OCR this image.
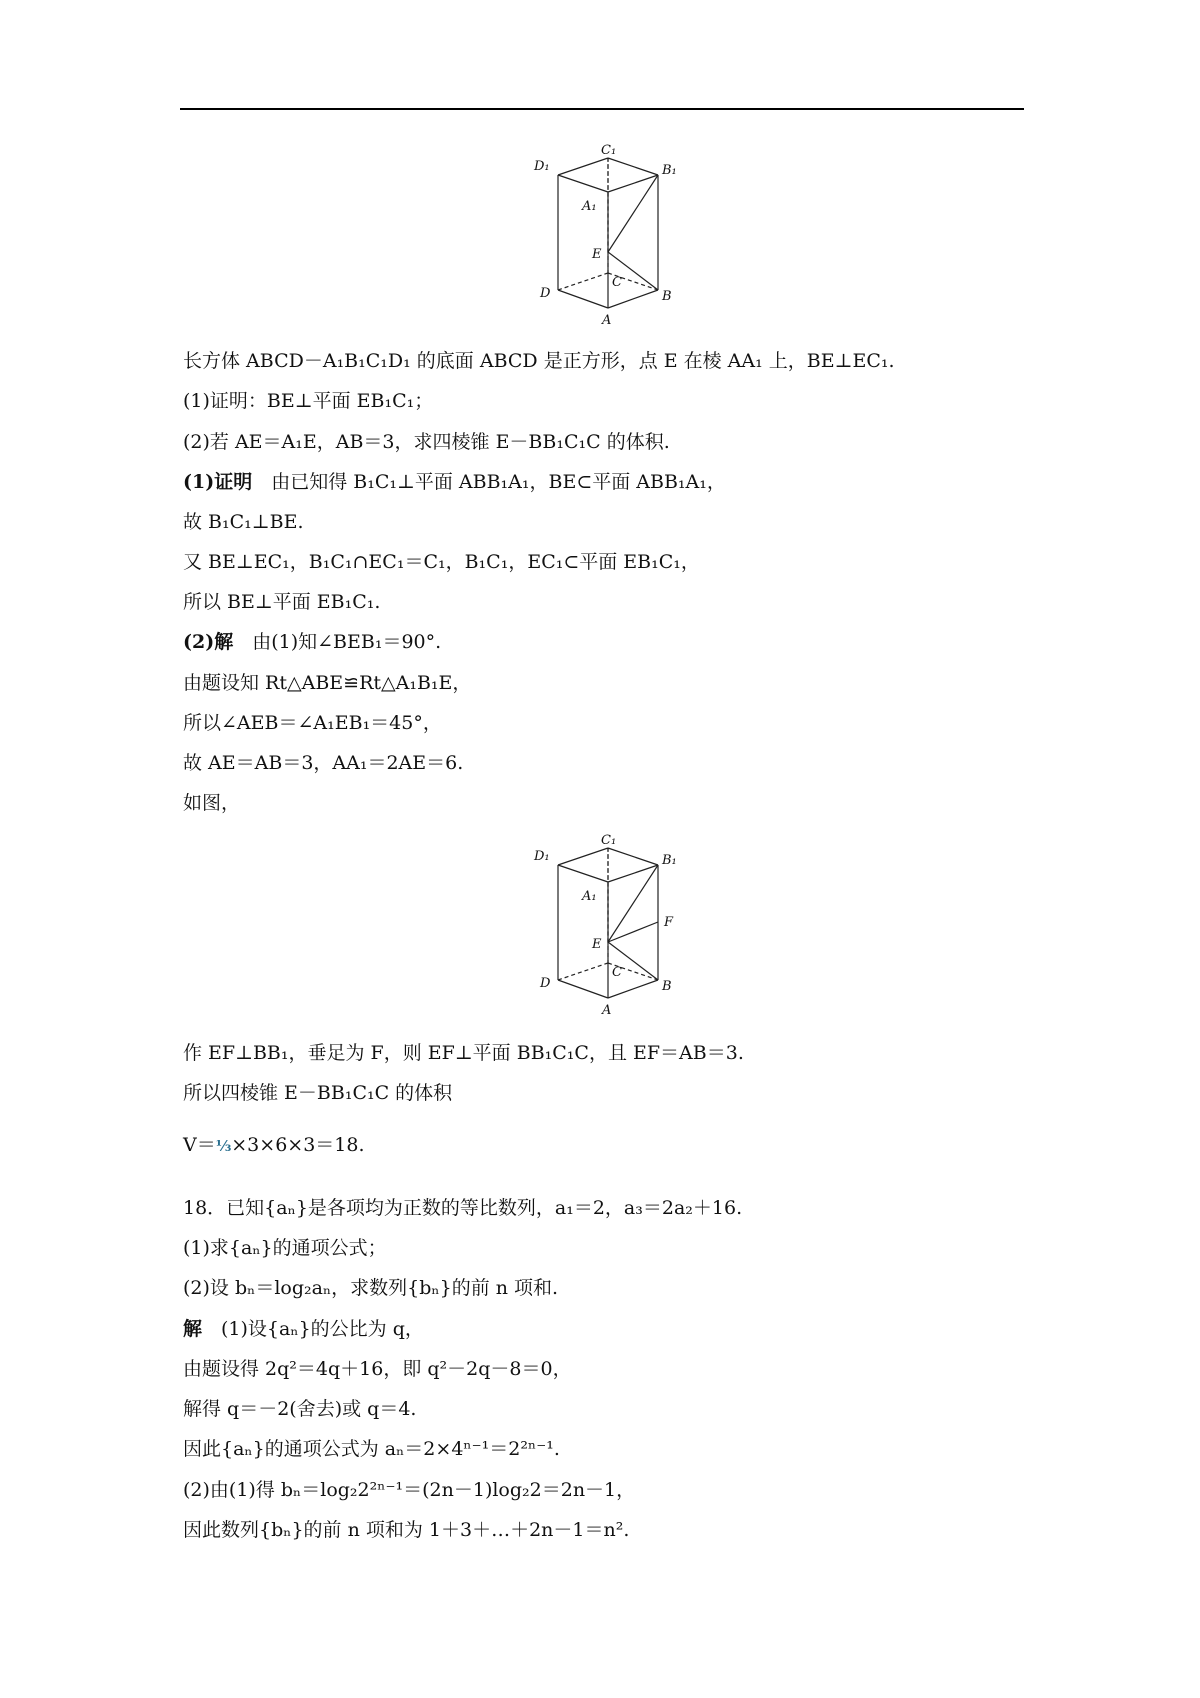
C₁
D₁	B₁
A₁
E
C
D	B
A
长方体 ABCD－A₁B₁C₁D₁ 的底面 ABCD 是正方形，点 E 在棱 AA₁ 上，BE⊥EC₁.
(1)证明：BE⊥平面 EB₁C₁；
(2)若 AE＝A₁E，AB＝3，求四棱锥 E－BB₁C₁C 的体积.
(1)证明　由已知得 B₁C₁⊥平面 ABB₁A₁，BE⊂平面 ABB₁A₁，
故 B₁C₁⊥BE.
又 BE⊥EC₁，B₁C₁∩EC₁＝C₁，B₁C₁，EC₁⊂平面 EB₁C₁，
所以 BE⊥平面 EB₁C₁.
(2)解　由(1)知∠BEB₁＝90°.
由题设知 Rt△ABE≌Rt△A₁B₁E，
所以∠AEB＝∠A₁EB₁＝45°，
故 AE＝AB＝3，AA₁＝2AE＝6.
如图，
C₁
D₁	B₁
A₁
F
E
C
D	B
A
作 EF⊥BB₁，垂足为 F，则 EF⊥平面 BB₁C₁C，且 EF＝AB＝3.
所以四棱锥 E－BB₁C₁C 的体积
V＝⅓×3×6×3＝18.
18．已知{aₙ}是各项均为正数的等比数列，a₁＝2，a₃＝2a₂＋16.
(1)求{aₙ}的通项公式；
(2)设 bₙ＝log₂aₙ，求数列{bₙ}的前 n 项和.
解　(1)设{aₙ}的公比为 q，
由题设得 2q²＝4q＋16，即 q²－2q－8＝0，
解得 q＝－2(舍去)或 q＝4.
因此{aₙ}的通项公式为 aₙ＝2×4ⁿ⁻¹＝2²ⁿ⁻¹.
(2)由(1)得 bₙ＝log₂2²ⁿ⁻¹＝(2n－1)log₂2＝2n－1，
因此数列{bₙ}的前 n 项和为 1＋3＋…＋2n－1＝n².
